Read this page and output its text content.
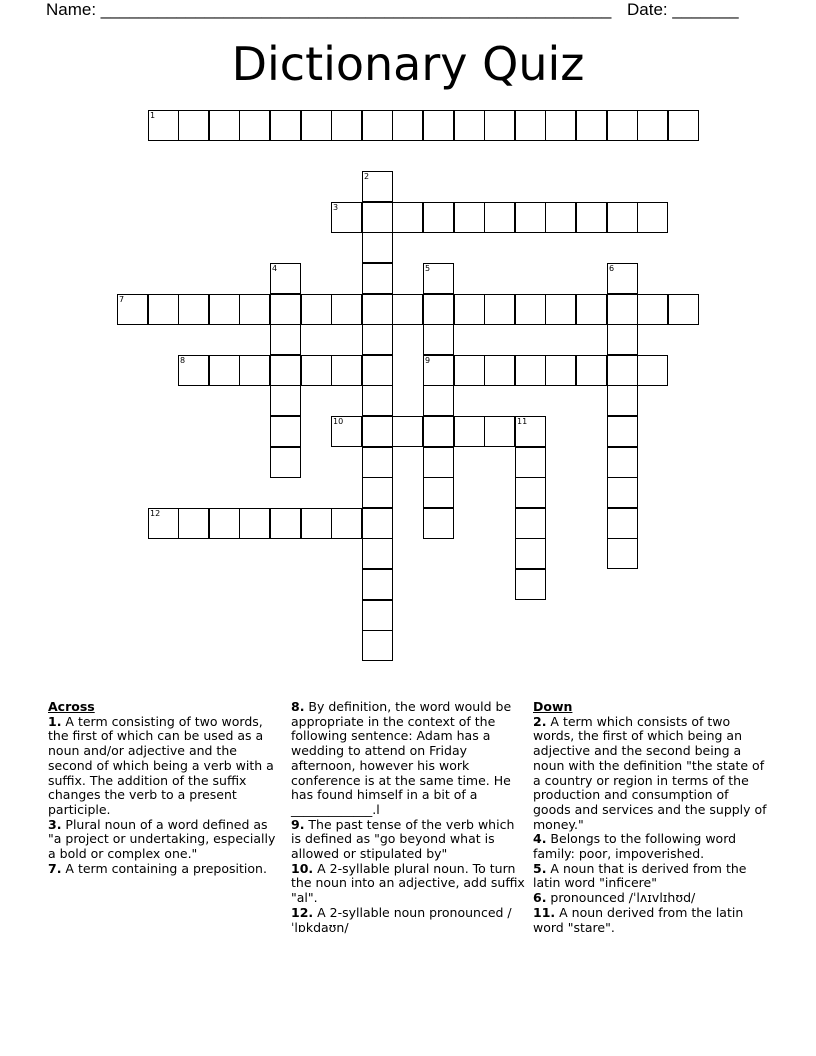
Name: ______________________________________________________ Date: _______
Dictionary Quiz
1
2
3
4	5
9
6
7
8
10	11
12
Across
1. A term consisting of two words, the first of which can be used as a noun and/or adjective and the second of which being a verb with a suffix. The addition of the suffix changes the verb to a present participle.
3. Plural noun of a word defined as "a project or undertaking, especially a bold or complex one."
7. A term containing a preposition.
8. By definition, the word would be appropriate in the context of the following sentence: Adam has a wedding to attend on Friday afternoon, however his work conference is at the same time. He has found himself in a bit of a _____________.l
9. The past tense of the verb which is defined as "go beyond what is allowed or stipulated by"
10. A 2-syllable plural noun. To turn the noun into an adjective, add suffix "al".
12. A 2-syllable noun pronounced /ˈlɒkdaʊn/
Down
2. A term which consists of two words, the first of which being an adjective and the second being a noun with the definition "the state of a country or region in terms of the production and consumption of goods and services and the supply of money."
4. Belongs to the following word family: poor, impoverished.
5. A noun that is derived from the latin word "inficere"
6. pronounced /ˈlʌɪvlɪhʊd/
11. A noun derived from the latin word "stare".
